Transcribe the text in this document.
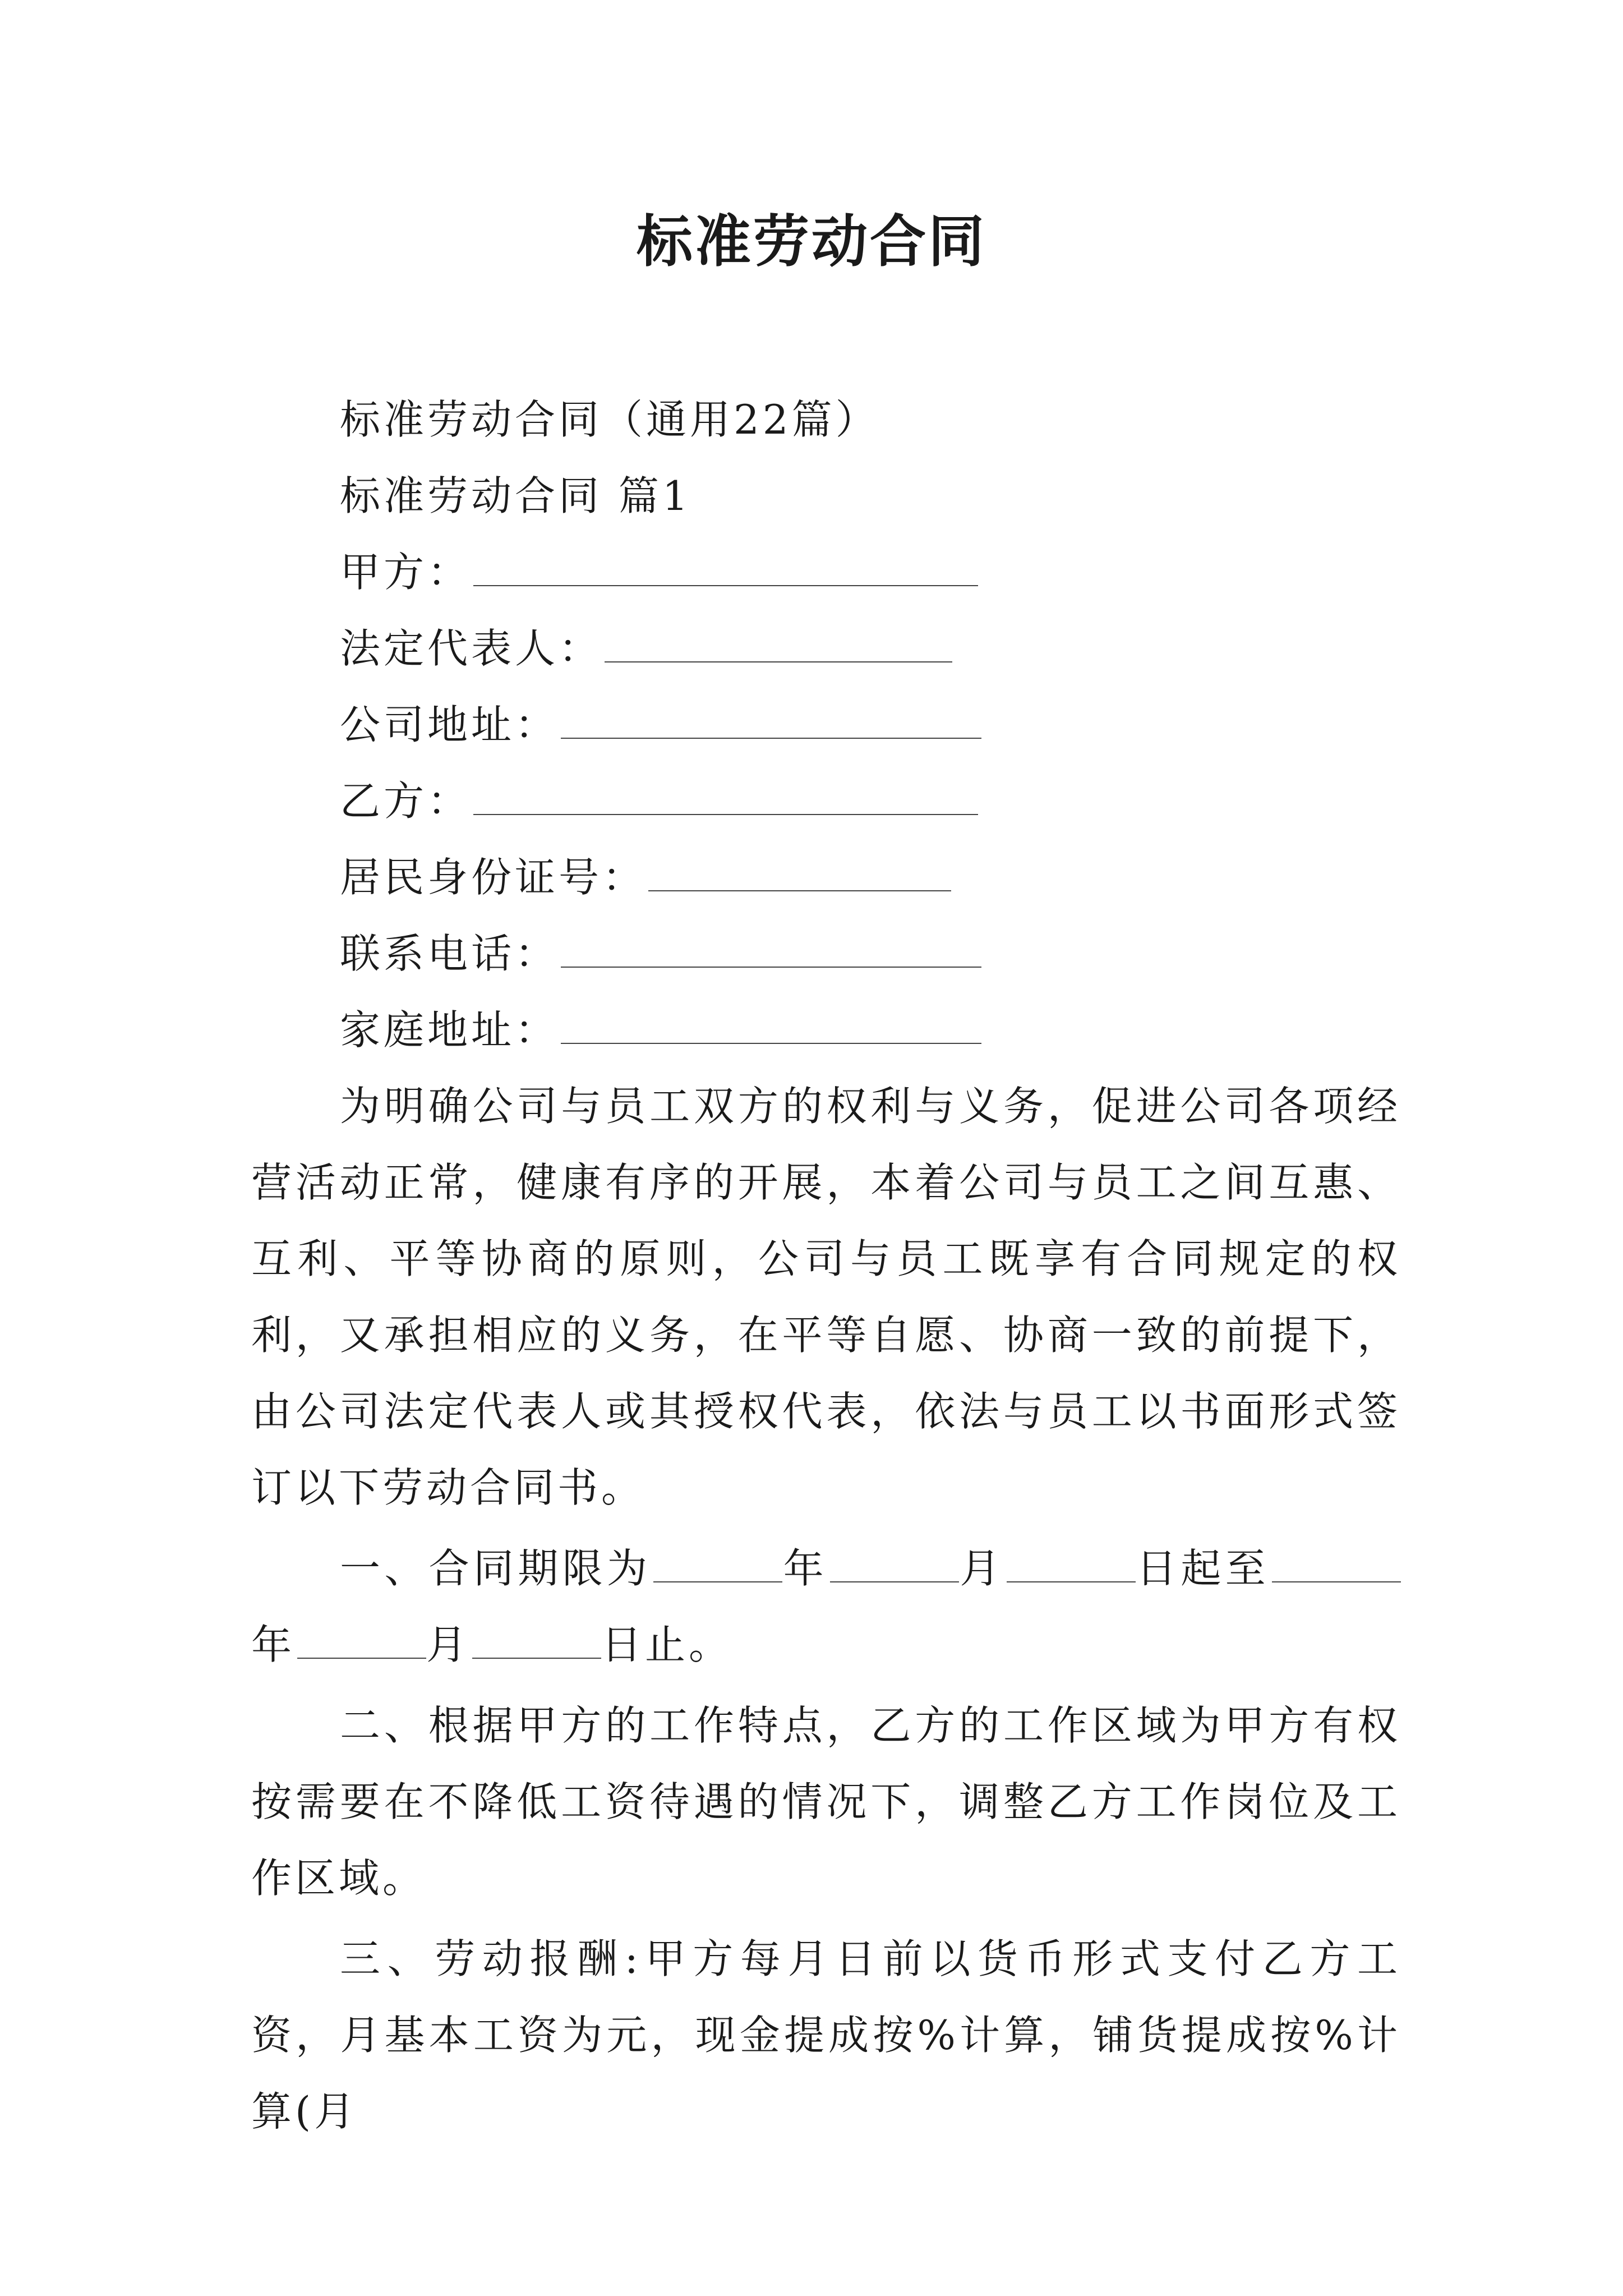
标准劳动合同
标准劳动合同（通用22篇）
标准劳动合同 篇1
甲方：
法定代表人：
公司地址：
乙方：
居民身份证号：
联系电话：
家庭地址：
为明确公司与员工双方的权利与义务，促进公司各项经营活动正常，健康有序的开展，本着公司与员工之间互惠、互利、平等协商的原则，公司与员工既享有合同规定的权利，又承担相应的义务，在平等自愿、协商一致的前提下，由公司法定代表人或其授权代表，依法与员工以书面形式签订以下劳动合同书。
一、合同期限为	年	月	日起至年	月	日止。
二、根据甲方的工作特点，乙方的工作区域为甲方有权按需要在不降低工资待遇的情况下，调整乙方工作岗位及工作区域。
三、劳动报酬:甲方每月日前以货币形式支付乙方工资，月基本工资为元，现金提成按%计算，铺货提成按%计算(月
